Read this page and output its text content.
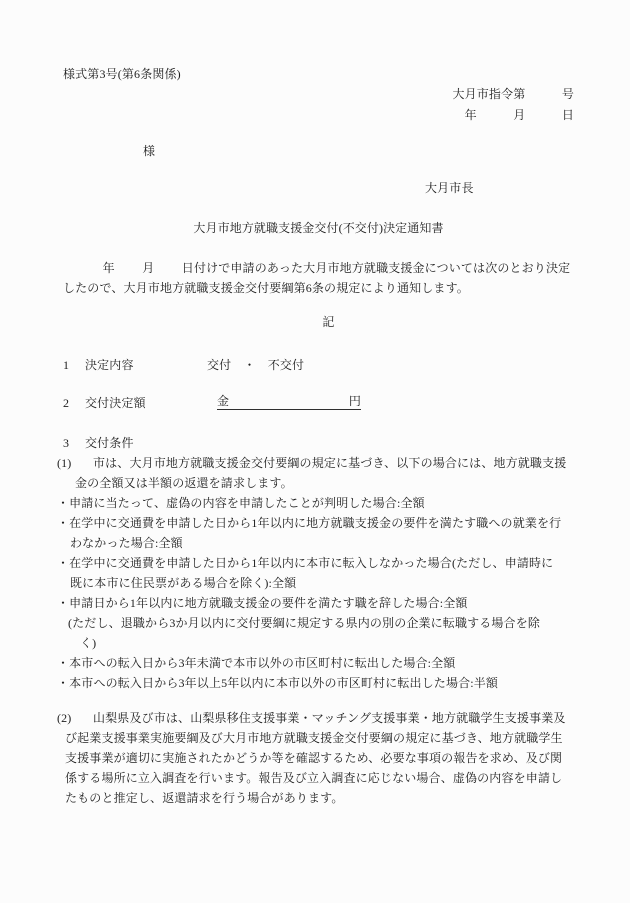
様式第3号(第6条関係)
大月市指令第　　　号
年　　　月　　　日
様
大月市長
大月市地方就職支援金交付(不交付)決定通知書
　　　 年　　 月　　 日付けで申請のあった大月市地方就職支援金については次のとおり決定
したので、大月市地方就職支援金交付要綱第6条の規定により通知します。
記
1	決定内容	交付　・　不交付
2	交付決定額	金	円
3	交付条件
(1)	市は、大月市地方就職支援金交付要綱の規定に基づき、以下の場合には、地方就職支援
金の全額又は半額の返還を請求します。
・申請に当たって、虚偽の内容を申請したことが判明した場合:全額
・在学中に交通費を申請した日から1年以内に地方就職支援金の要件を満たす職への就業を行
わなかった場合:全額
・在学中に交通費を申請した日から1年以内に本市に転入しなかった場合(ただし、申請時に
既に本市に住民票がある場合を除く):全額
・申請日から1年以内に地方就職支援金の要件を満たす職を辞した場合:全額
(ただし、退職から3か月以内に交付要綱に規定する県内の別の企業に転職する場合を除
く)
・本市への転入日から3年未満で本市以外の市区町村に転出した場合:全額
・本市への転入日から3年以上5年以内に本市以外の市区町村に転出した場合:半額
(2)	山梨県及び市は、山梨県移住支援事業・マッチング支援事業・地方就職学生支援事業及
び起業支援事業実施要綱及び大月市地方就職支援金交付要綱の規定に基づき、地方就職学生
支援事業が適切に実施されたかどうか等を確認するため、必要な事項の報告を求め、及び関
係する場所に立入調査を行います。報告及び立入調査に応じない場合、虚偽の内容を申請し
たものと推定し、返還請求を行う場合があります。
